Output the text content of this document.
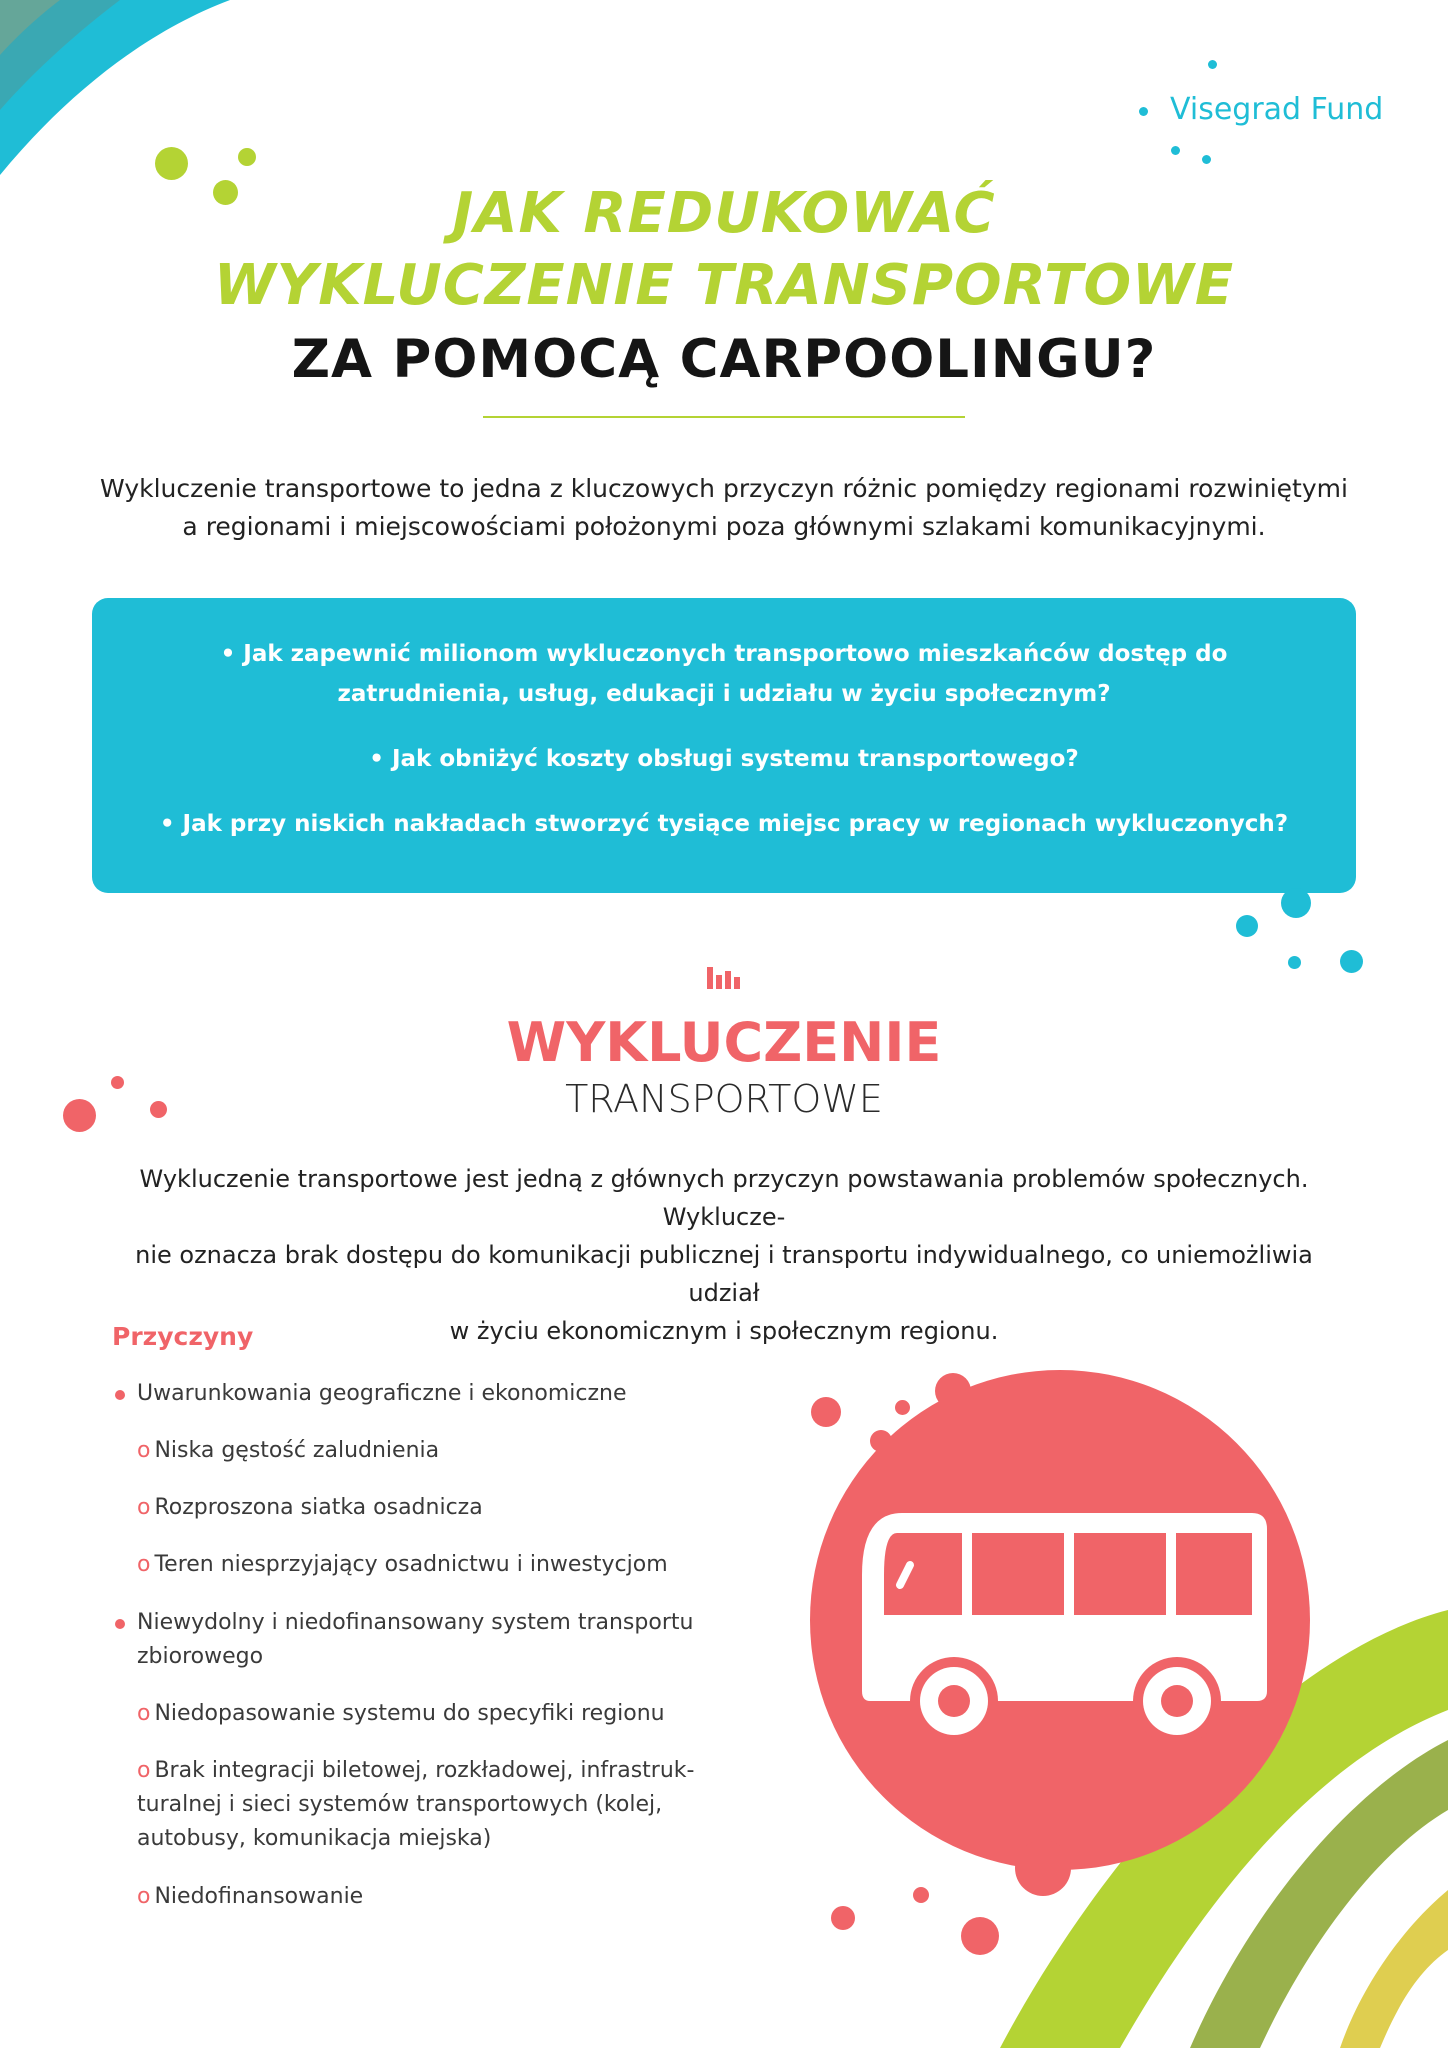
Visegrad Fund
JAK REDUKOWAĆ
WYKLUCZENIE TRANSPORTOWE
ZA POMOCĄ CARPOOLINGU?
Wykluczenie transportowe to jedna z kluczowych przyczyn różnic pomiędzy regionami rozwiniętymi
a regionami i miejscowościami położonymi poza głównymi szlakami komunikacyjnymi.
• Jak zapewnić milionom wykluczonych transportowo mieszkańców dostęp do
zatrudnienia, usług, edukacji i udziału w życiu społecznym?
• Jak obniżyć koszty obsługi systemu transportowego?
• Jak przy niskich nakładach stworzyć tysiące miejsc pracy w regionach wykluczonych?
WYKLUCZENIE
TRANSPORTOWE
Wykluczenie transportowe jest jedną z głównych przyczyn powstawania problemów społecznych. Wyklucze-
nie oznacza brak dostępu do komunikacji publicznej i transportu indywidualnego, co uniemożliwia udział
w życiu ekonomicznym i społecznym regionu.
Przyczyny
Uwarunkowania geograficzne i ekonomiczne
o Niska gęstość zaludnienia
o Rozproszona siatka osadnicza
o Teren niesprzyjający osadnictwu i inwestycjom
Niewydolny i niedofinansowany system transportu
zbiorowego
o Niedopasowanie systemu do specyfiki regionu
o Brak integracji biletowej, rozkładowej, infrastruk-
turalnej i sieci systemów transportowych (kolej,
autobusy, komunikacja miejska)
o Niedofinansowanie
